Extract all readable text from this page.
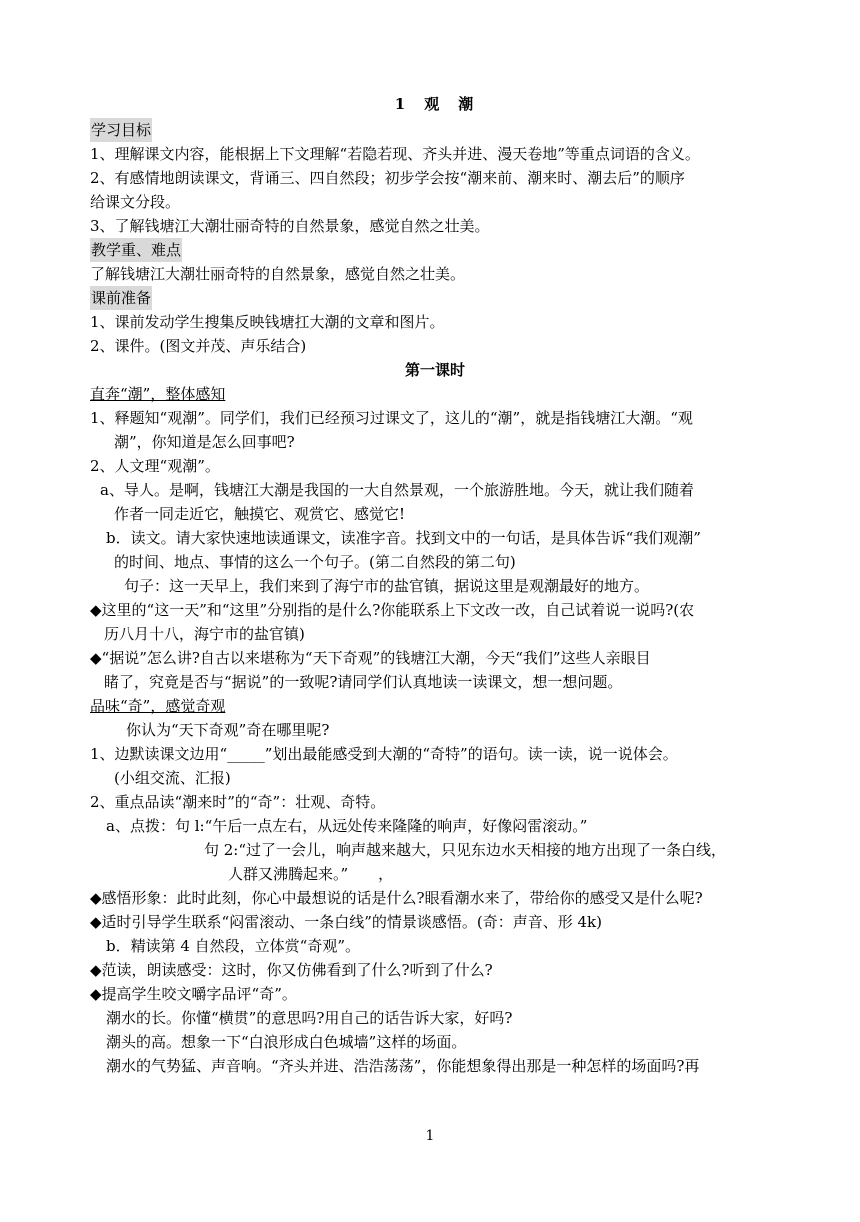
1　观　潮
学习目标
1、理解课文内容，能根据上下文理解“若隐若现、齐头并进、漫天卷地”等重点词语的含义。
2、有感情地朗读课文，背诵三、四自然段；初步学会按“潮来前、潮来时、潮去后”的顺序
给课文分段。
3、了解钱塘江大潮壮丽奇特的自然景象，感觉自然之壮美。
教学重、难点
了解钱塘江大潮壮丽奇特的自然景象，感觉自然之壮美。
课前准备
1、课前发动学生搜集反映钱塘扛大潮的文章和图片。
2、课件。(图文并茂、声乐结合)
第一课时
直奔“潮”，整体感知
1、释题知“观潮”。同学们，我们已经预习过课文了，这儿的“潮”，就是指钱塘江大潮。“观
潮”，你知道是怎么回事吧?
2、人文理“观潮”。
a、导人。是啊，钱塘江大潮是我国的一大自然景观，一个旅游胜地。今天，就让我们随着
作者一同走近它，触摸它、观赏它、感觉它!
b．读文。请大家快速地读通课文，读准字音。找到文中的一句话，是具体告诉“我们观潮”
的时间、地点、事情的这么一个句子。(第二自然段的第二句)
句子：这一天早上，我们来到了海宁市的盐官镇，据说这里是观潮最好的地方。
◆这里的“这一天”和“这里”分别指的是什么?你能联系上下文改一改，自己试着说一说吗?(农
历八月十八，海宁市的盐官镇)
◆“据说”怎么讲?自古以来堪称为“天下奇观”的钱塘江大潮，今天“我们”这些人亲眼目
睹了，究竟是否与“据说”的一致呢?请同学们认真地读一读课文，想一想问题。
品味“奇”，感觉奇观
你认为“天下奇观”奇在哪里呢?
1、边默读课文边用“_____”划出最能感受到大潮的“奇特”的语句。读一读，说一说体会。
(小组交流、汇报)
2、重点品读“潮来时”的“奇”：壮观、奇特。
a、点拨：句 l:“午后一点左右，从远处传来隆隆的响声，好像闷雷滚动。”
句 2:“过了一会儿，响声越来越大，只见东边水天相接的地方出现了一条白线，
人群又沸腾起来。”　　，
◆感悟形象：此时此刻，你心中最想说的话是什么?眼看潮水来了，带给你的感受又是什么呢?
◆适时引导学生联系“闷雷滚动、一条白线”的情景谈感悟。(奇：声音、形 4k)
b．精读第 4 自然段，立体赏“奇观”。
◆范读，朗读感受：这时，你又仿佛看到了什么?听到了什么?
◆提高学生咬文嚼字品评“奇”。
潮水的长。你懂“横贯”的意思吗?用自己的话告诉大家，好吗?
潮头的高。想象一下“白浪形成白色城墙”这样的场面。
潮水的气势猛、声音响。“齐头并进、浩浩荡荡”，你能想象得出那是一种怎样的场面吗?再
1
